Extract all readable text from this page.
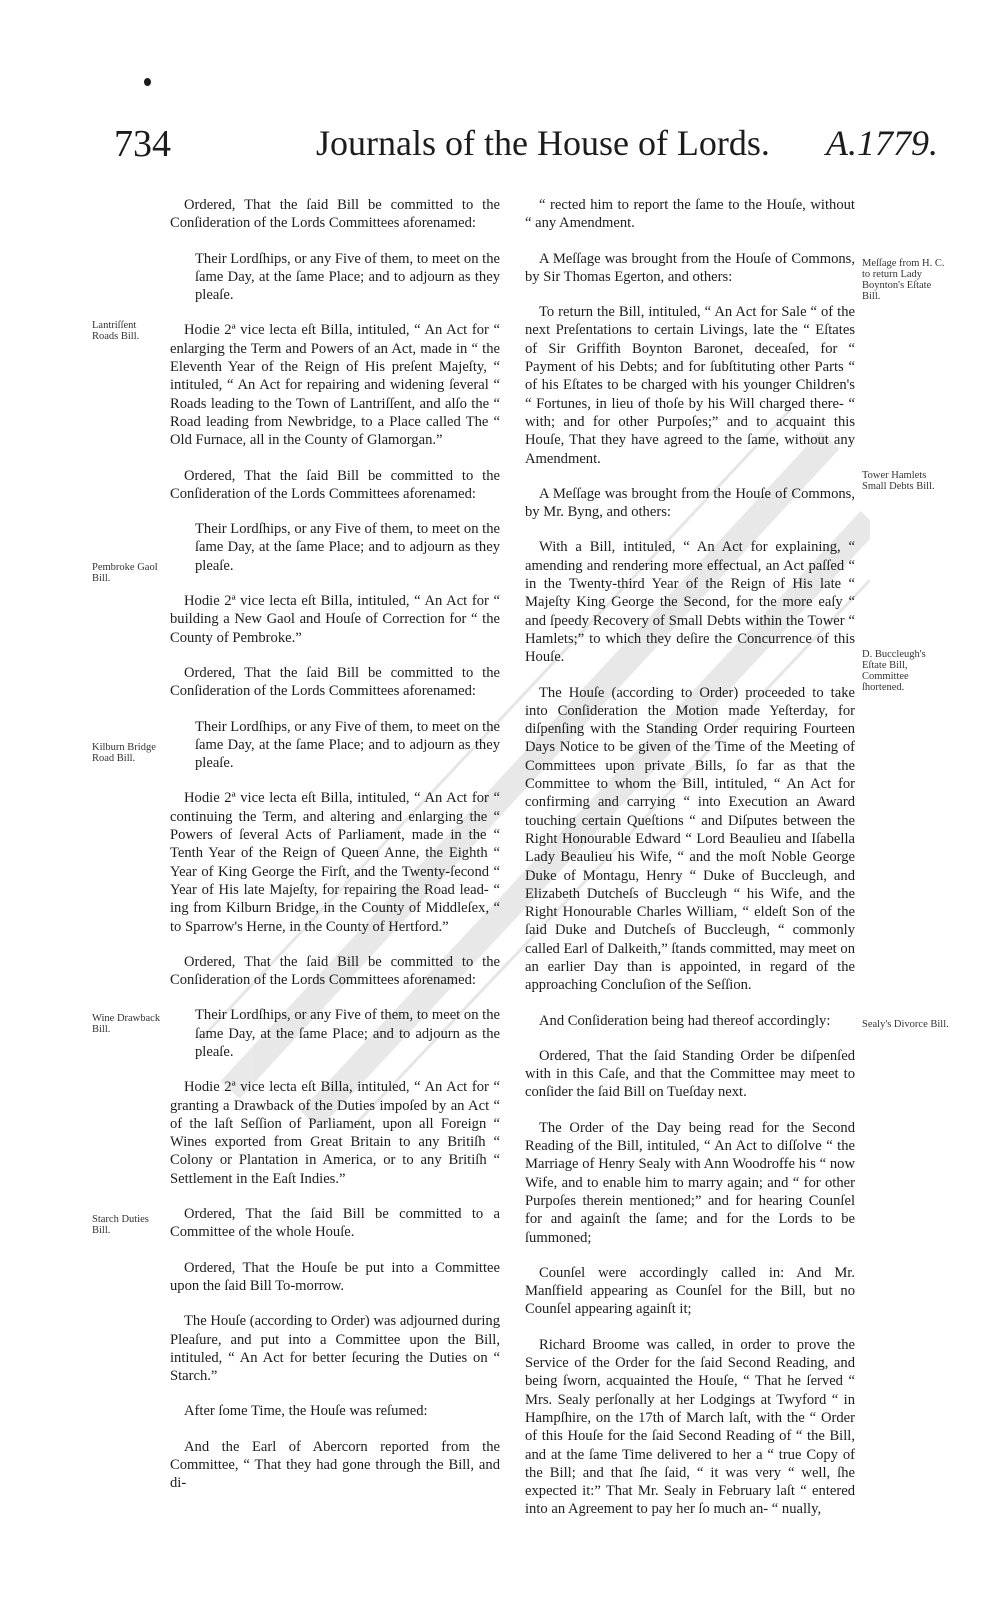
734	Journals of the House of Lords. A.1779.
Lantriſſent Roads Bill.
Pembroke Gaol Bill.
Kilburn Bridge Road Bill.
Wine Drawback Bill.
Starch Duties Bill.
Meſſage from H. C. to return Lady Boynton's Eſtate Bill.
Tower Hamlets Small Debts Bill.
D. Buccleugh's Eſtate Bill, Committee ſhortened.
Sealy's Divorce Bill.

Ordered, That the ſaid Bill be committed to the Conſideration of the Lords Committees aforenamed:

Their Lordſhips, or any Five of them, to meet on the ſame Day, at the ſame Place; and to adjourn as they pleaſe.

Hodie 2ª vice lecta eſt Billa, intituled, “ An Act for “ enlarging the Term and Powers of an Act, made in “ the Eleventh Year of the Reign of His preſent Majeſty, “ intituled, “ An Act for repairing and widening ſeveral “ Roads leading to the Town of Lantriſſent, and alſo the “ Road leading from Newbridge, to a Place called The “ Old Furnace, all in the County of Glamorgan.”

Ordered, That the ſaid Bill be committed to the Conſideration of the Lords Committees aforenamed:

Their Lordſhips, or any Five of them, to meet on the ſame Day, at the ſame Place; and to adjourn as they pleaſe.

Hodie 2ª vice lecta eſt Billa, intituled, “ An Act for “ building a New Gaol and Houſe of Correction for “ the County of Pembroke.”

Ordered, That the ſaid Bill be committed to the Conſideration of the Lords Committees aforenamed:

Their Lordſhips, or any Five of them, to meet on the ſame Day, at the ſame Place; and to adjourn as they pleaſe.

Hodie 2ª vice lecta eſt Billa, intituled, “ An Act for “ continuing the Term, and altering and enlarging the “ Powers of ſeveral Acts of Parliament, made in the “ Tenth Year of the Reign of Queen Anne, the Eighth “ Year of King George the Firſt, and the Twenty-ſecond “ Year of His late Majeſty, for repairing the Road lead- “ ing from Kilburn Bridge, in the County of Middleſex, “ to Sparrow's Herne, in the County of Hertford.”

Ordered, That the ſaid Bill be committed to the Conſideration of the Lords Committees aforenamed:

Their Lordſhips, or any Five of them, to meet on the ſame Day, at the ſame Place; and to adjourn as the pleaſe.

Hodie 2ª vice lecta eſt Billa, intituled, “ An Act for “ granting a Drawback of the Duties impoſed by an Act “ of the laſt Seſſion of Parliament, upon all Foreign “ Wines exported from Great Britain to any Britiſh “ Colony or Plantation in America, or to any Britiſh “ Settlement in the Eaſt Indies.”

Ordered, That the ſaid Bill be committed to a Committee of the whole Houſe.

Ordered, That the Houſe be put into a Committee upon the ſaid Bill To-morrow.

The Houſe (according to Order) was adjourned during Pleaſure, and put into a Committee upon the Bill, intituled, “ An Act for better ſecuring the Duties on “ Starch.”

After ſome Time, the Houſe was reſumed:

And the Earl of Abercorn reported from the Committee, “ That they had gone through the Bill, and di-

“ rected him to report the ſame to the Houſe, without “ any Amendment.

A Meſſage was brought from the Houſe of Commons, by Sir Thomas Egerton, and others:

To return the Bill, intituled, “ An Act for Sale “ of the next Preſentations to certain Livings, late the “ Eſtates of Sir Griffith Boynton Baronet, deceaſed, for “ Payment of his Debts; and for ſubſtituting other Parts “ of his Eſtates to be charged with his younger Children's “ Fortunes, in lieu of thoſe by his Will charged there- “ with; and for other Purpoſes;” and to acquaint this Houſe, That they have agreed to the ſame, without any Amendment.

A Meſſage was brought from the Houſe of Commons, by Mr. Byng, and others:

With a Bill, intituled, “ An Act for explaining, “ amending and rendering more effectual, an Act paſſed “ in the Twenty-third Year of the Reign of His late “ Majeſty King George the Second, for the more eaſy “ and ſpeedy Recovery of Small Debts within the Tower “ Hamlets;” to which they deſire the Concurrence of this Houſe.

The Houſe (according to Order) proceeded to take into Conſideration the Motion made Yeſterday, for diſpenſing with the Standing Order requiring Fourteen Days Notice to be given of the Time of the Meeting of Committees upon private Bills, ſo far as that the Committee to whom the Bill, intituled, “ An Act for confirming and carrying “ into Execution an Award touching certain Queſtions “ and Diſputes between the Right Honourable Edward “ Lord Beaulieu and Iſabella Lady Beaulieu his Wife, “ and the moſt Noble George Duke of Montagu, Henry “ Duke of Buccleugh, and Elizabeth Dutcheſs of Buccleugh “ his Wife, and the Right Honourable Charles William, “ eldeſt Son of the ſaid Duke and Dutcheſs of Buccleugh, “ commonly called Earl of Dalkeith,” ſtands committed, may meet on an earlier Day than is appointed, in regard of the approaching Concluſion of the Seſſion.

And Conſideration being had thereof accordingly:

Ordered, That the ſaid Standing Order be diſpenſed with in this Caſe, and that the Committee may meet to conſider the ſaid Bill on Tueſday next.

The Order of the Day being read for the Second Reading of the Bill, intituled, “ An Act to diſſolve “ the Marriage of Henry Sealy with Ann Woodroffe his “ now Wife, and to enable him to marry again; and “ for other Purpoſes therein mentioned;” and for hearing Counſel for and againſt the ſame; and for the Lords to be ſummoned;

Counſel were accordingly called in: And Mr. Manſfield appearing as Counſel for the Bill, but no Counſel appearing againſt it;

Richard Broome was called, in order to prove the Service of the Order for the ſaid Second Reading, and being ſworn, acquainted the Houſe, “ That he ſerved “ Mrs. Sealy perſonally at her Lodgings at Twyford “ in Hampſhire, on the 17th of March laſt, with the “ Order of this Houſe for the ſaid Second Reading of “ the Bill, and at the ſame Time delivered to her a “ true Copy of the Bill; and that ſhe ſaid, “ it was very “ well, ſhe expected it:” That Mr. Sealy in February laſt “ entered into an Agreement to pay her ſo much an- “ nually,
